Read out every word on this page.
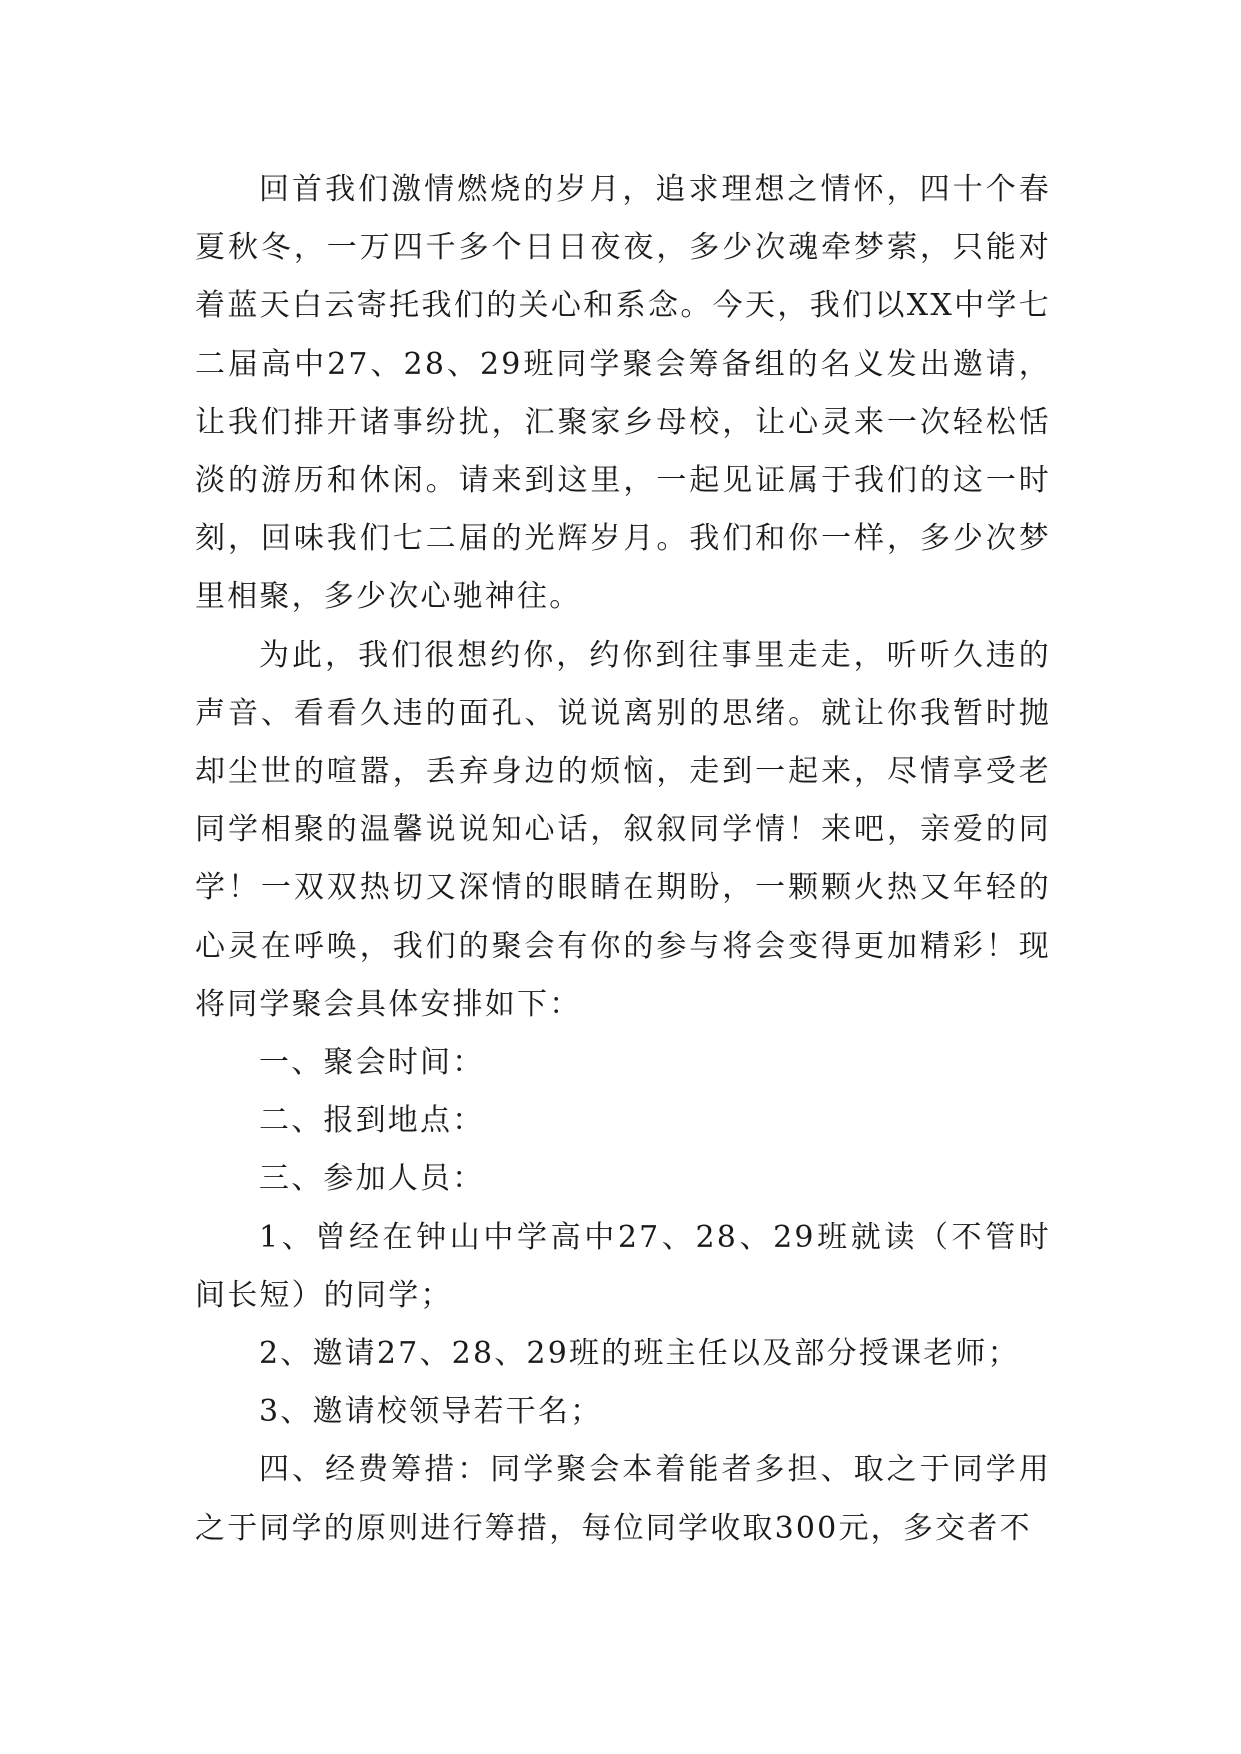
回首我们激情燃烧的岁月，追求理想之情怀，四十个春夏秋冬，一万四千多个日日夜夜，多少次魂牵梦萦，只能对着蓝天白云寄托我们的关心和系念。今天，我们以XX中学七二届高中27、28、29班同学聚会筹备组的名义发出邀请，让我们排开诸事纷扰，汇聚家乡母校，让心灵来一次轻松恬淡的游历和休闲。请来到这里，一起见证属于我们的这一时刻，回味我们七二届的光辉岁月。我们和你一样，多少次梦里相聚，多少次心驰神往。

为此，我们很想约你，约你到往事里走走，听听久违的声音、看看久违的面孔、说说离别的思绪。就让你我暂时抛却尘世的喧嚣，丢弃身边的烦恼，走到一起来，尽情享受老同学相聚的温馨说说知心话，叙叙同学情！来吧，亲爱的同学！一双双热切又深情的眼睛在期盼，一颗颗火热又年轻的心灵在呼唤，我们的聚会有你的参与将会变得更加精彩！现将同学聚会具体安排如下：

一、聚会时间：

二、报到地点：

三、参加人员：

1、曾经在钟山中学高中27、28、29班就读（不管时间长短）的同学；

2、邀请27、28、29班的班主任以及部分授课老师；

3、邀请校领导若干名；

四、经费筹措：同学聚会本着能者多担、取之于同学用之于同学的原则进行筹措，每位同学收取300元，多交者不
